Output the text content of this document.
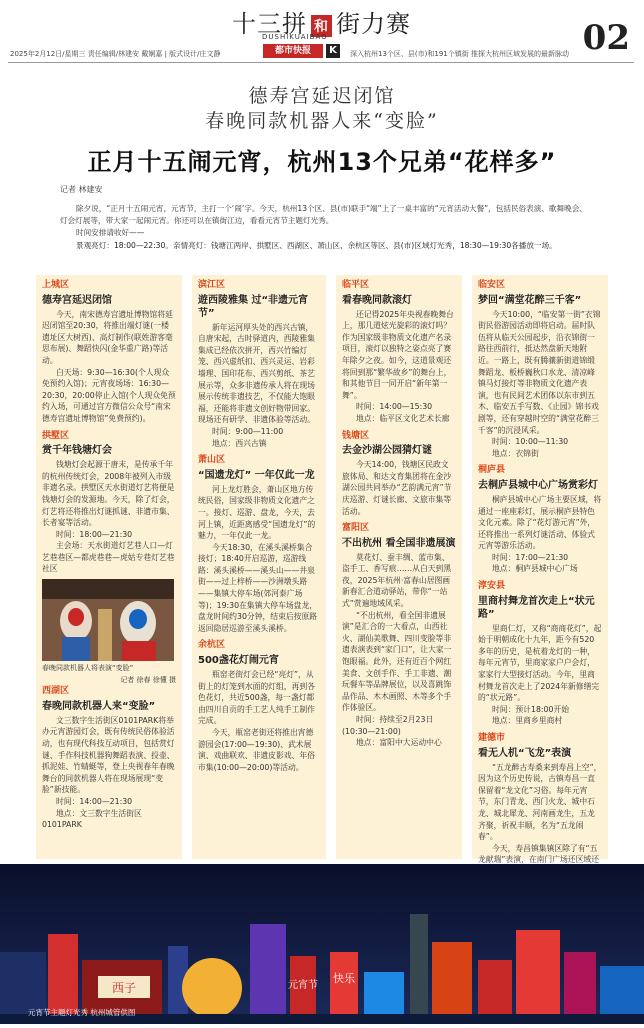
十三拼 和 街力赛
DUSHIKUAIBAO
都市快报	K	02
2025年2月12日/星期三 责任编辑/林建安 戴娴嘉 | 版式设计/庄文静	深入杭州13个区、县(市)和191个镇街 推探大杭州区域发展的最新脉动
德寿宫延迟闭馆
春晚同款机器人来“变脸”
正月十五闹元宵，杭州13个兄弟“花样多”
记者 林建安

除夕说，“正月十五闹元宵，元宵节，主打一个‘闹’字。今天，杭州13个区、县(市)联手“端”上了一桌丰富的“元宵活动大餐”，包括民俗表演、歌舞晚会、灯会灯展等，带大家一起闹元宵。你还可以在镇街江边，看看元宵节主题灯光秀。

时间安排请收好——

景观亮灯：18:00—22:30。亲情亮灯：钱塘江两岸、拱墅区、西湖区、萧山区、余杭区等区、县(市)区域灯光秀，18:30—19:30各播放一场。

上城区
德寿宫延迟闭馆
今天，南宋德寿宫遗址博物馆将延迟闭馆至20:30，将推出端灯谜(一楼遗址区大树西)、高灯制作(联姓游客毫思布展)、舞蹈快闪(金华重广路)等活动。
白天场：9:30—16:30(个人现众免预约入馆)；元宵夜场场：16:30—20:30，20:00停止入馆(个人现众免预约入场，可通过宫方微信公众号“南宋德寿宫遗址博物馆”免费预约)。
拱墅区
赏千年钱塘灯会
钱塘灯会起源于唐末，是传承千年的杭州传统灯会，2008年被列入市级非遗名录。拱墅区天水街道灯艺将便是钱塘灯会的发源地。今天，除了灯会，灯艺将还将推出灯谜抓谜、非遗市集、长者宴等活动。
时间：18:00—21:30
主会场：天水街道灯艺巷人口—灯艺巷巷区—都虎巷巷—虎姑专巷灯艺巷社区
春晚同款机器人将表演“变脸”
记者 徐春 徐懂 摄
西湖区
春晚同款机器人来“变脸”
文三数字生活街区0101PARK将举办元宵游园灯会，既有传统民俗体验活动，也有现代科技互动项目，包括赏灯谜、手作科技机器狗舞蹈表演、投壶、抓泥娃、竹蜻蜓等，登上央视春年春晚舞台的同款机器人将在现场展现“变脸”新技能。
时间：14:00—21:30
地点：文三数字生活街区0101PARK
滨江区
遊西陵雅集 过“非遗元宵节”
新年运河厚头处的西兴古镇，自唐宋起，古时驿道内，西陵雅集集成已经依次拼开，西兴竹编灯笼、西兴虚纸扣、西兴灵运、岩彩墙理、国印花布、西兴剪纸、茶艺展示等，众多非遗传承人将在现场展示传统非遗技艺，不仅能大饱眼福，还能将非遗文创好物带回家。现场还有研学、非遗体验等活动。
时间：9:00—11:00
地点：西兴古镇
萧山区
“国遗龙灯” 一年仅此一龙
河上龙灯胜会，萧山区地方传统民俗，国家级非物质文化遗产之一。接灯、巡游、盘龙，今天，去河上镇，近距离感受“国遗龙灯”的魅力，一年仅此一龙。
今天18:30，在溪头溪桥集合接灯；18:40开启巡游，巡游线路：溪头溪桥——溪头山——井泉街——过上梓桥——沙洲墩头路——集镇大停车场(郊河泰广场等)；19:30在集镇大停车场盘龙，盘龙时间约30分钟，结束后按原路返回隐居巡游至溪头溪桥。
余杭区
500盏花灯闹元宵
瓶窑老街灯会已经“亮灯”，从街上的灯笼到水面的灯组，再到各色花灯，共近500盏，每一盏灯都由四川自贡的手工艺人纯手工制作完成。
今天，瓶窑老街还将推出宵德游园会(17:00—19:30)、武术展演、戏曲联欢、非遗皮影戏、年俗市集(10:00—20:00)等活动。
临平区
看春晚同款滚灯
还记得2025年央视春晚舞台上，那几道炫光旋彩的滚灯吗？作为国家级非物质文化遗产名录项目，滚灯以独特之姿点亮了赛年除夕之夜。如今，这道景观还将回到那“繁华故乡”的舞台上，和其他节目一同开启“新年第一舞”。
时间：14:00—15:30
地点：临平区文化艺术长廊
钱塘区
去金沙湖公园猜灯谜
今天14:00，钱塘区民政文旅体局、和达文育集团将在金沙湖公园共同举办“艺韵满元宵”节庆巡游、灯谜长廊、文旅市集等活动。
富阳区
不出杭州 看全国非遗展演
莫花灯、蚕丰绸、蓝市集、盗手工、香写痕……从白天到黑夜，2025年杭州·富春山居图画新春汇合道动驿站，带你“一站式”赏遍地域风采。
“不出杭州，看全国非遗展演”是汇合的一大看点，山西社火、湖仙美歌舞、四川变脸等非遗表演表到“家门口”，让大家一饱眼福。此外，还有近百个网红美食、文创手作、手工非遗、潮玩餐车等品牌展位，以及喜跳饰品作品、木木画照、木等多个手作体验区。
时间：持续至2月23日(10:30—21:00)
地点：富阳中大运动中心
临安区
梦回“满堂花醉三千客”
今天10:00，“临安第一街”衣锦街民俗游园活动即将启动。届时队伍将从临天公园起步，沿衣锦街一路往西前行，抵达然盘新天地附近。一路上，既有腾骧新街道锦缎舞蹈龙、板桥巍秋口水龙、清凉峰镇马灯接灯等非物质文化遗产表演，也有民间艺术团体以东市到五木、临安五手写数、《止园》锦书戏剧等，还有穿越时空的“满堂花醉三千客”的沉浸风采。
时间：10:00—11:30
地点：衣锦街
桐庐县
去桐庐县城中心广场赏彩灯
桐庐县城中心广场主要区域，将通过一座座彩灯，展示桐庐县特色文化元素。除了“花灯游元宵”外，还将推出一系列灯谜活动、体验式元宵等游乐活动。
时间：17:00—21:30
地点：桐庐县城中心广场
淳安县
里商村舞龙首次走上“状元路”
里商仁灯，又称“商商花灯”，起始于明朝成化十九年，距今有520多年的历史，是杭着龙灯的一种，每年元宵节，里商家家户户会灯，家家行大型接灯活动。今年，里商村舞龙首次走上了2024年新修缮完的“状元路”。
时间：预计18:00开始
地点：里商乡里商村
建德市
看无人机“飞龙”表演
“五龙醉古寿桑来到寿昌上空”，因为这个历史传说，古镇寿昌一直保留着“龙文化”习俗。每年元宵节，东门青龙、西门火龙、城中石龙、城北犀龙、河南画龙生，五龙齐聚，祈祝丰顺，名为“五龙闹春”。
今天，寿昌镇集镇区除了有“五龙献瑞”表演，在南门广场还区域还
西子	元宵节
快乐
元宵节主题灯光秀 杭州城管供图
